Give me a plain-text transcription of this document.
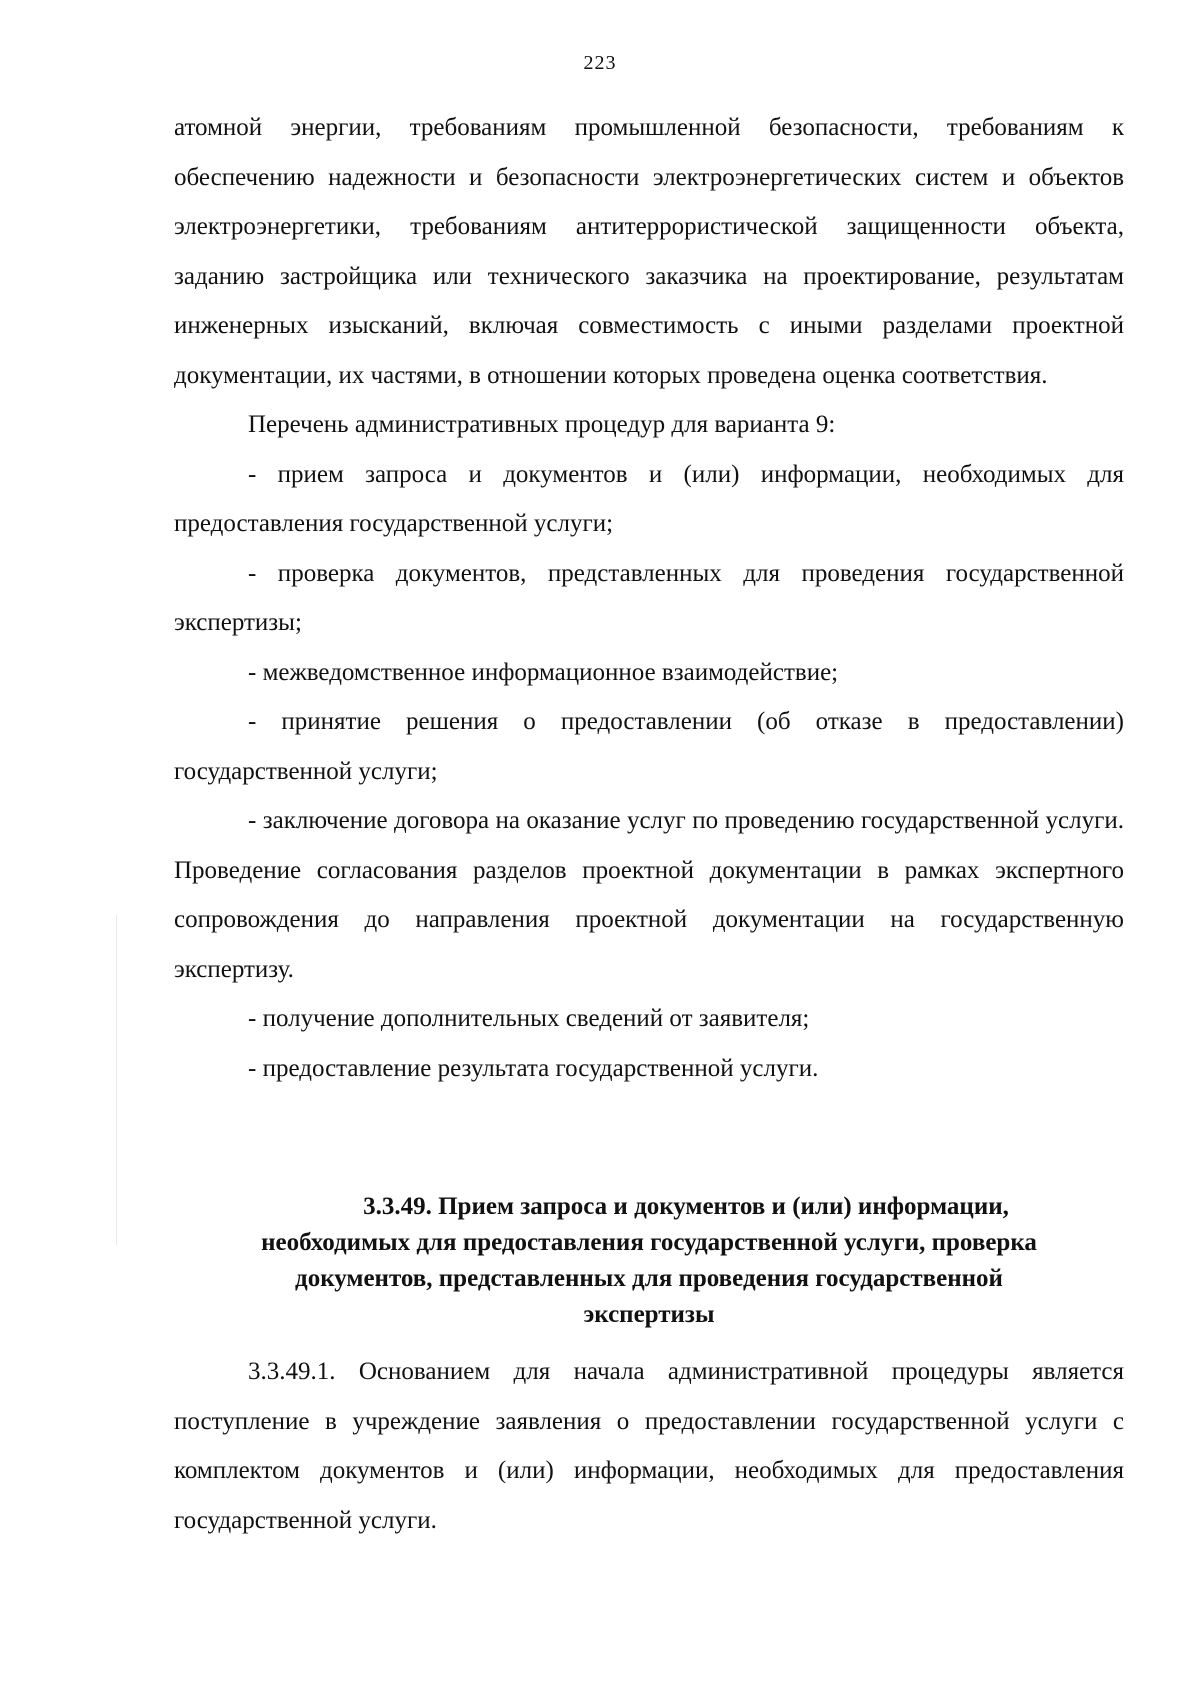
223

атомной энергии, требованиям промышленной безопасности, требованиям к обеспечению надежности и безопасности электроэнергетических систем и объектов электроэнергетики, требованиям антитеррористической защищенности объекта, заданию застройщика или технического заказчика на проектирование, результатам инженерных изысканий, включая совместимость с иными разделами проектной документации, их частями, в отношении которых проведена оценка соответствия.

Перечень административных процедур для варианта 9:

- прием запроса и документов и (или) информации, необходимых для предоставления государственной услуги;

- проверка документов, представленных для проведения государственной экспертизы;

- межведомственное информационное взаимодействие;

- принятие решения о предоставлении (об отказе в предоставлении) государственной услуги;

- заключение договора на оказание услуг по проведению государственной услуги. Проведение согласования разделов проектной документации в рамках экспертного сопровождения до направления проектной документации на государственную экспертизу.

- получение дополнительных сведений от заявителя;

- предоставление результата государственной услуги.

3.3.49. Прием запроса и документов и (или) информации,
необходимых для предоставления государственной услуги, проверка
документов, представленных для проведения государственной
экспертизы

3.3.49.1. Основанием для начала административной процедуры является поступление в учреждение заявления о предоставлении государственной услуги с комплектом документов и (или) информации, необходимых для предоставления государственной услуги.
